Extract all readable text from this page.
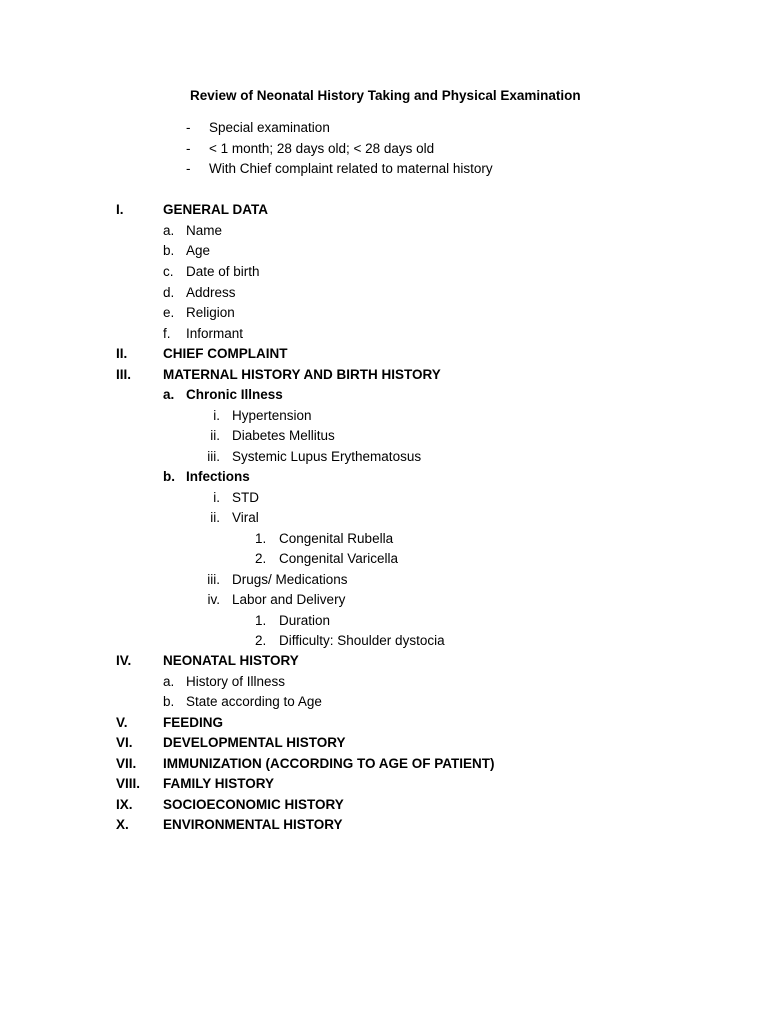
Review of Neonatal History Taking and Physical Examination
- Special examination
- < 1 month; 28 days old; < 28 days old
- With Chief complaint related to maternal history
I.	GENERAL DATA
a. Name
b. Age
c. Date of birth
d. Address
e. Religion
f. Informant
II.	CHIEF COMPLAINT
III. MATERNAL HISTORY AND BIRTH HISTORY
a. Chronic Illness
i. Hypertension
ii. Diabetes Mellitus
iii. Systemic Lupus Erythematosus
b. Infections
i. STD
ii. Viral
1. Congenital Rubella
2. Congenital Varicella
iii. Drugs/ Medications
iv. Labor and Delivery
1. Duration
2. Difficulty: Shoulder dystocia
IV. NEONATAL HISTORY
a. History of Illness
b. State according to Age
V.	FEEDING
VI. DEVELOPMENTAL HISTORY
VII. IMMUNIZATION (ACCORDING TO AGE OF PATIENT)
VIII. FAMILY HISTORY
IX. SOCIOECONOMIC HISTORY
X.	ENVIRONMENTAL HISTORY
